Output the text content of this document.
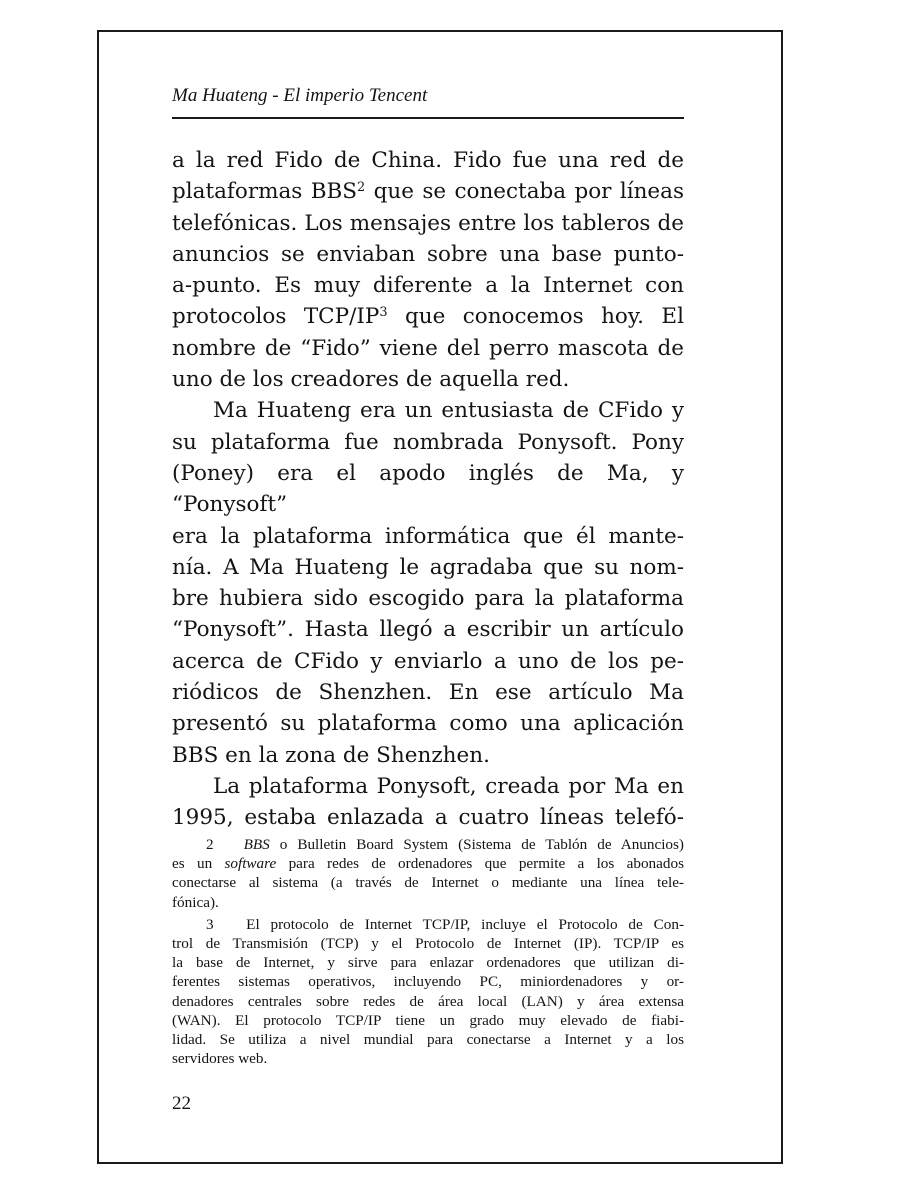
Ma Huateng - El imperio Tencent
a la red Fido de China. Fido fue una red de
plataformas BBS$^2$ que se conectaba por líneas
telefónicas. Los mensajes entre los tableros de
anuncios se enviaban sobre una base punto-
a-punto. Es muy diferente a la Internet con
protocolos TCP/$IP^3$ que conocemos hoy. El
nombre de “Fido” viene del perro mascota de
uno de los creadores de aquella red.
Ma Huateng era un entusiasta de CFido y
su plataforma fue nombrada Ponysoft. Pony
(Poney) era el apodo inglés de Ma, y “Ponysoft”
era la plataforma informática que él mante-
nía. A Ma Huateng le agradaba que su nom-
bre hubiera sido escogido para la plataforma
“Ponysoft”. Hasta llegó a escribir un artículo
acerca de CFido y enviarlo a uno de los pe-
riódicos de Shenzhen. En ese artículo Ma
presentó su plataforma como una aplicación
BBS en la zona de Shenzhen.
La plataforma Ponysoft, creada por Ma en
1995, estaba enlazada a cuatro líneas telefó-
2 BBS o Bulletin Board System (Sistema de Tablón de Anuncios)
es un software para redes de ordenadores que permite a los abonados
conectarse al sistema (a través de Internet o mediante una línea tele-
fónica).
3 El protocolo de Internet TCP/IP, incluye el Protocolo de Con-
trol de Transmisión (TCP) y el Protocolo de Internet (IP). TCP/IP es
la base de Internet, y sirve para enlazar ordenadores que utilizan di-
ferentes sistemas operativos, incluyendo PC, miniordenadores y or-
denadores centrales sobre redes de área local (LAN) y área extensa
(WAN). El protocolo TCP/IP tiene un grado muy elevado de fiabi-
lidad. Se utiliza a nivel mundial para conectarse a Internet y a los
servidores web.
22
